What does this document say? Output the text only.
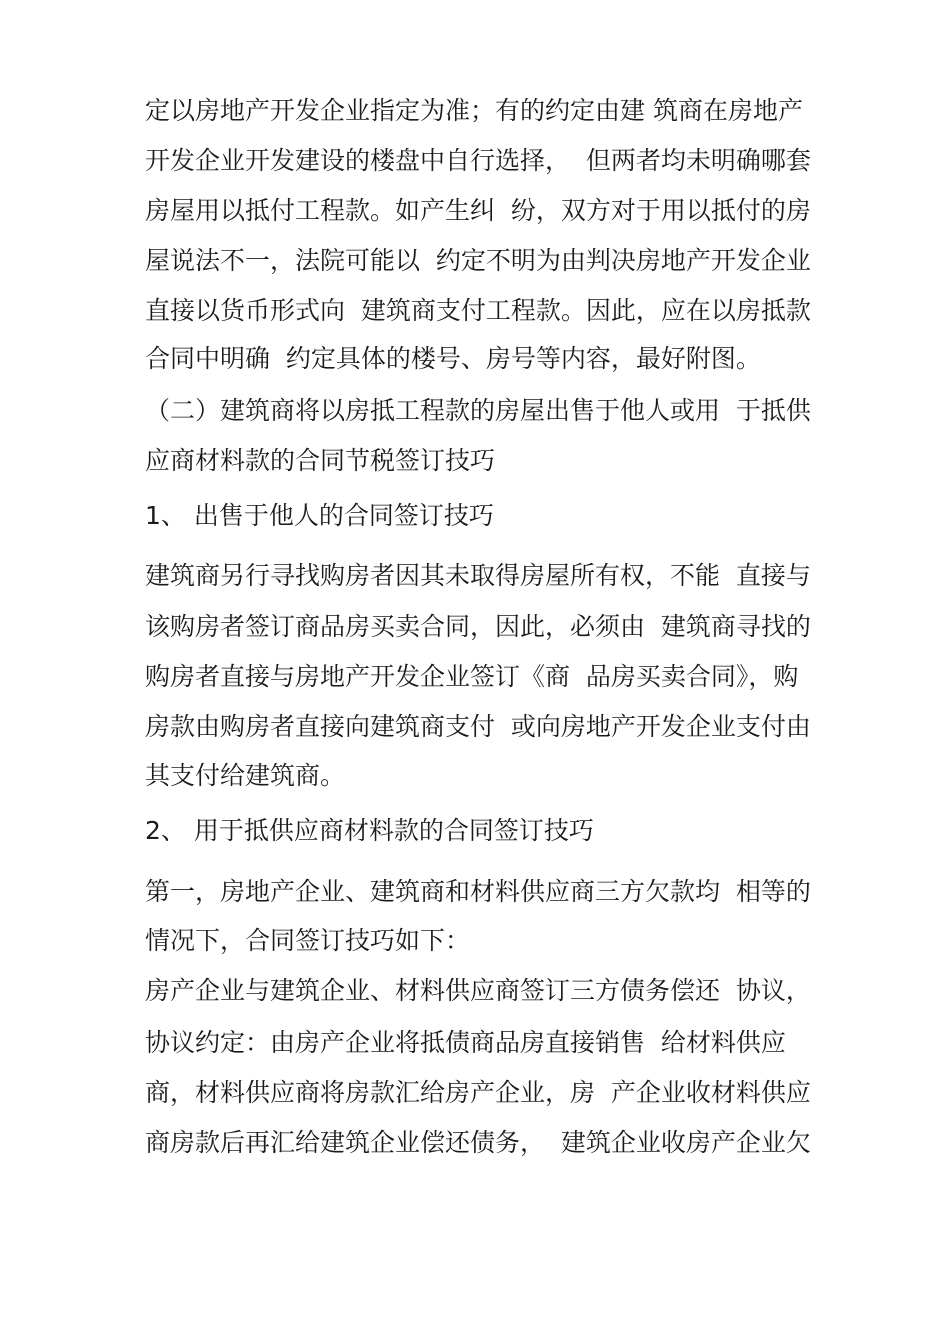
定以房地产开发企业指定为准；有的约定由建 筑商在房地产
开发企业开发建设的楼盘中自行选择，  但两者均未明确哪套
房屋用以抵付工程款。如产生纠  纷，双方对于用以抵付的房
屋说法不一，法院可能以  约定不明为由判决房地产开发企业
直接以货币形式向  建筑商支付工程款。因此，应在以房抵款
合同中明确  约定具体的楼号、房号等内容，最好附图。
（二）建筑商将以房抵工程款的房屋出售于他人或用  于抵供
应商材料款的合同节税签订技巧
1、 出售于他人的合同签订技巧
建筑商另行寻找购房者因其未取得房屋所有权，不能  直接与
该购房者签订商品房买卖合同，因此，必须由  建筑商寻找的
购房者直接与房地产开发企业签订《商  品房买卖合同》，购
房款由购房者直接向建筑商支付  或向房地产开发企业支付由
其支付给建筑商。
2、 用于抵供应商材料款的合同签订技巧
第一，房地产企业、建筑商和材料供应商三方欠款均  相等的
情况下，合同签订技巧如下：
房产企业与建筑企业、材料供应商签订三方债务偿还  协议，
协议约定：由房产企业将抵债商品房直接销售  给材料供应
商，材料供应商将房款汇给房产企业，房  产企业收材料供应
商房款后再汇给建筑企业偿还债务，  建筑企业收房产企业欠
